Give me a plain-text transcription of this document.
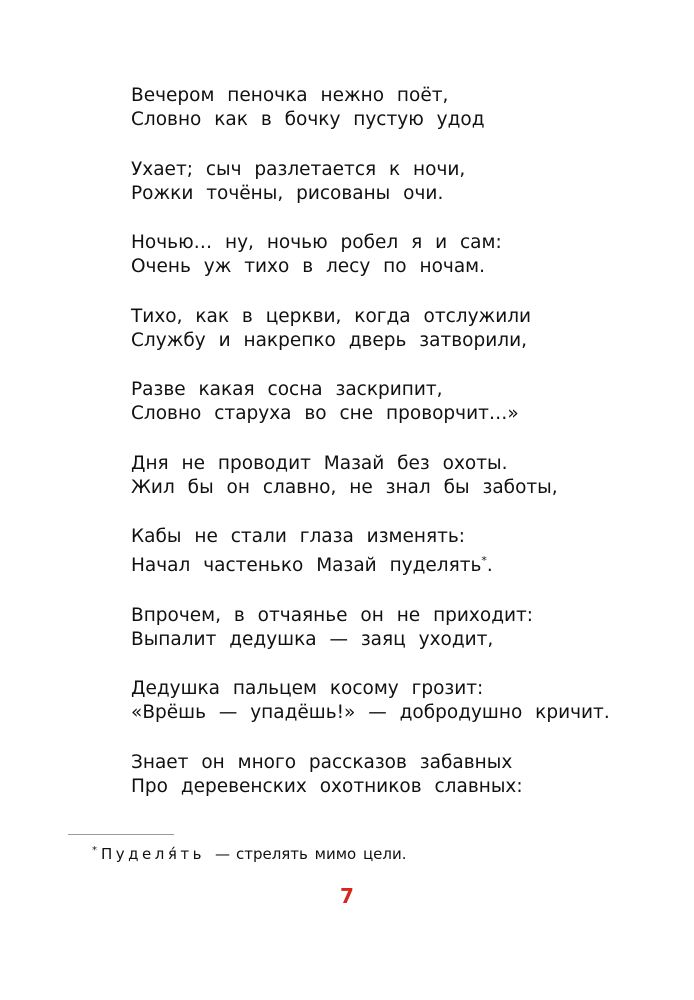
Вечером пеночка нежно поёт,
Словно как в бочку пустую удод
Ухает; сыч разлетается к ночи,
Рожки точёны, рисованы очи.
Ночью… ну, ночью робел я и сам:
Очень уж тихо в лесу по ночам.
Тихо, как в церкви, когда отслужили
Службу и накрепко дверь затворили,
Разве какая сосна заскрипит,
Словно старуха во сне проворчит…»
Дня не проводит Мазай без охоты.
Жил бы он славно, не знал бы заботы,
Кабы не стали глаза изменять:
Начал частенько Мазай пуделять*.
Впрочем, в отчаянье он не приходит:
Выпалит дедушка — заяц уходит,
Дедушка пальцем косому грозит:
«Врёшь — упадёшь!» — добродушно кричит.
Знает он много рассказов забавных
Про деревенских охотников славных:
* Пуделя́ть — стрелять мимо цели.
7
